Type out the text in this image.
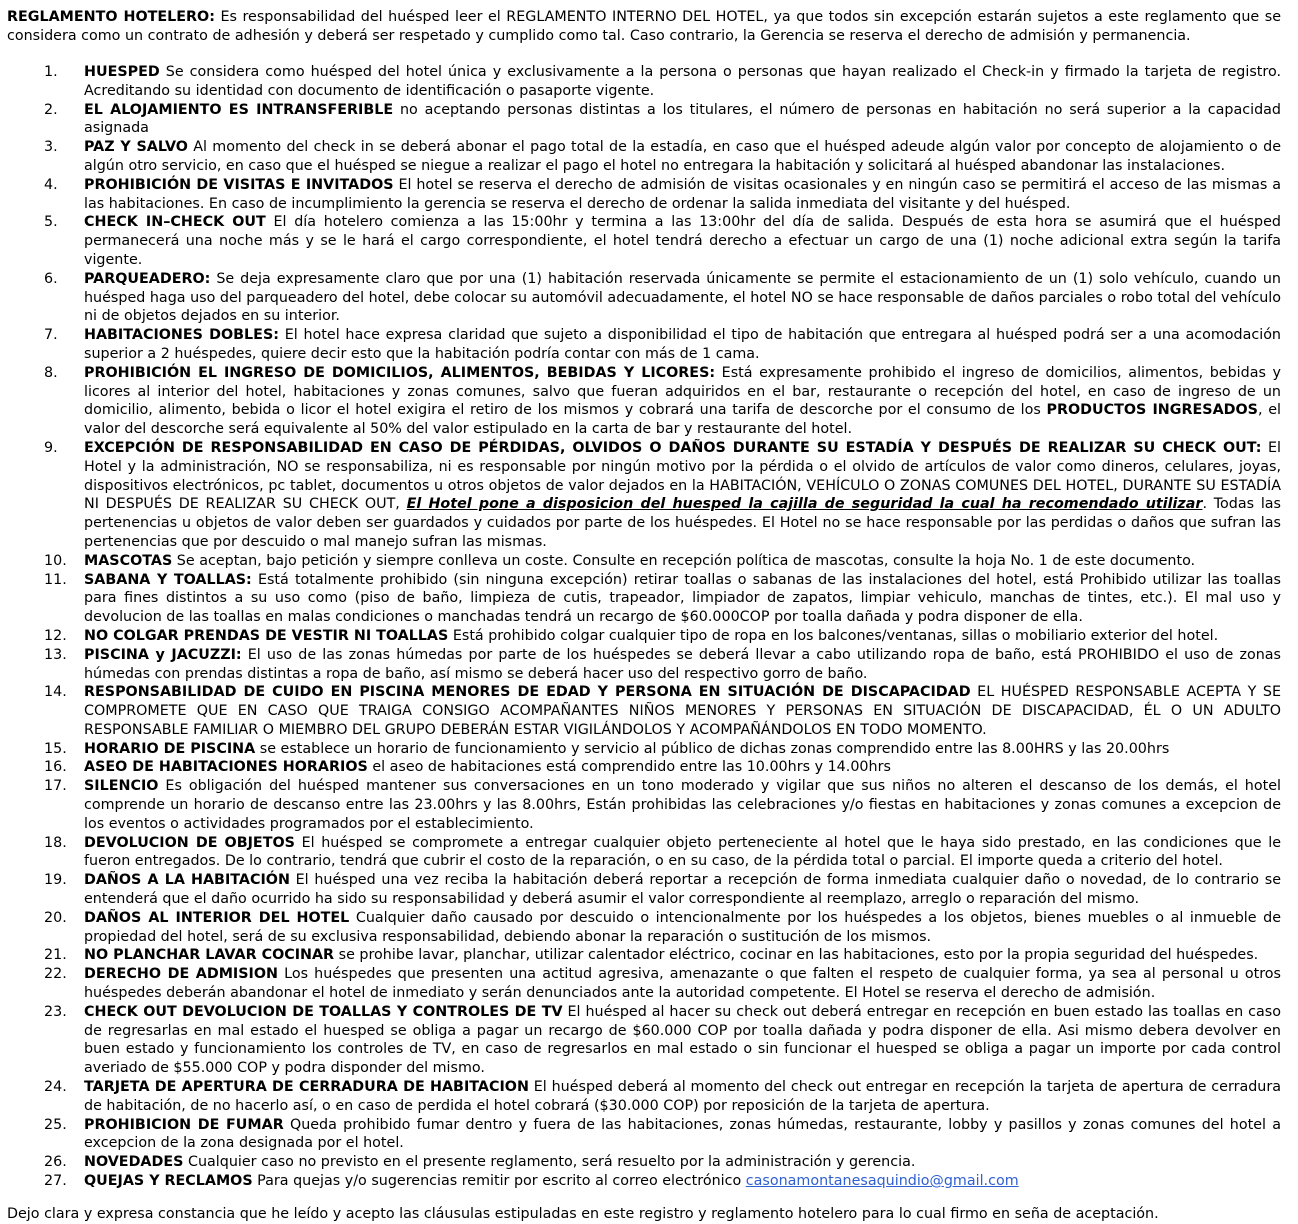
REGLAMENTO HOTELERO: Es responsabilidad del huésped leer el REGLAMENTO INTERNO DEL HOTEL, ya que todos sin excepción estarán sujetos a este reglamento que se considera como un contrato de adhesión y deberá ser respetado y cumplido como tal. Caso contrario, la Gerencia se reserva el derecho de admisión y permanencia.

1.	HUESPED Se considera como huésped del hotel única y exclusivamente a la persona o personas que hayan realizado el Check-in y firmado la tarjeta de registro. Acreditando su identidad con documento de identificación o pasaporte vigente.
2.	EL ALOJAMIENTO ES INTRANSFERIBLE no aceptando personas distintas a los titulares, el número de personas en habitación no será superior a la capacidad asignada
3.	PAZ Y SALVO Al momento del check in se deberá abonar el pago total de la estadía, en caso que el huésped adeude algún valor por concepto de alojamiento o de algún otro servicio, en caso que el huésped se niegue a realizar el pago el hotel no entregara la habitación y solicitará al huésped abandonar las instalaciones.
4.	PROHIBICIÓN DE VISITAS E INVITADOS El hotel se reserva el derecho de admisión de visitas ocasionales y en ningún caso se permitirá el acceso de las mismas a las habitaciones. En caso de incumplimiento la gerencia se reserva el derecho de ordenar la salida inmediata del visitante y del huésped.
5.	CHECK IN–CHECK OUT El día hotelero comienza a las 15:00hr y termina a las 13:00hr del día de salida. Después de esta hora se asumirá que el huésped permanecerá una noche más y se le hará el cargo correspondiente, el hotel tendrá derecho a efectuar un cargo de una (1) noche adicional extra según la tarifa vigente.
6.	PARQUEADERO: Se deja expresamente claro que por una (1) habitación reservada únicamente se permite el estacionamiento de un (1) solo vehículo, cuando un huésped haga uso del parqueadero del hotel, debe colocar su automóvil adecuadamente, el hotel NO se hace responsable de daños parciales o robo total del vehículo ni de objetos dejados en su interior.
7.	HABITACIONES DOBLES: El hotel hace expresa claridad que sujeto a disponibilidad el tipo de habitación que entregara al huésped podrá ser a una acomodación superior a 2 huéspedes, quiere decir esto que la habitación podría contar con más de 1 cama.
8.	PROHIBICIÓN EL INGRESO DE DOMICILIOS, ALIMENTOS, BEBIDAS Y LICORES: Está expresamente prohibido el ingreso de domicilios, alimentos, bebidas y licores al interior del hotel, habitaciones y zonas comunes, salvo que fueran adquiridos en el bar, restaurante o recepción del hotel, en caso de ingreso de un domicilio, alimento, bebida o licor el hotel exigira el retiro de los mismos y cobrará una tarifa de descorche por el consumo de los PRODUCTOS INGRESADOS, el valor del descorche será equivalente al 50% del valor estipulado en la carta de bar y restaurante del hotel.
9.	EXCEPCIÓN DE RESPONSABILIDAD EN CASO DE PÉRDIDAS, OLVIDOS O DAÑOS DURANTE SU ESTADÍA Y DESPUÉS DE REALIZAR SU CHECK OUT: El Hotel y la administración, NO se responsabiliza, ni es responsable por ningún motivo por la pérdida o el olvido de artículos de valor como dineros, celulares, joyas, dispositivos electrónicos, pc tablet, documentos u otros objetos de valor dejados en la HABITACIÓN, VEHÍCULO O ZONAS COMUNES DEL HOTEL, DURANTE SU ESTADÍA NI DESPUÉS DE REALIZAR SU CHECK OUT, El Hotel pone a disposicion del huesped la cajilla de seguridad la cual ha recomendado utilizar. Todas las pertenencias u objetos de valor deben ser guardados y cuidados por parte de los huéspedes. El Hotel no se hace responsable por las perdidas o daños que sufran las pertenencias que por descuido o mal manejo sufran las mismas.
10.	MASCOTAS Se aceptan, bajo petición y siempre conlleva un coste. Consulte en recepción política de mascotas, consulte la hoja No. 1 de este documento.
11.	SABANA Y TOALLAS: Está totalmente prohibido (sin ninguna excepción) retirar toallas o sabanas de las instalaciones del hotel, está Prohibido utilizar las toallas para fines distintos a su uso como (piso de baño, limpieza de cutis, trapeador, limpiador de zapatos, limpiar vehiculo, manchas de tintes, etc.). El mal uso y devolucion de las toallas en malas condiciones o manchadas tendrá un recargo de $60.000COP por toalla dañada y podra disponer de ella.
12.	NO COLGAR PRENDAS DE VESTIR NI TOALLAS Está prohibido colgar cualquier tipo de ropa en los balcones/ventanas, sillas o mobiliario exterior del hotel.
13.	PISCINA y JACUZZI: El uso de las zonas húmedas por parte de los huéspedes se deberá llevar a cabo utilizando ropa de baño, está PROHIBIDO el uso de zonas húmedas con prendas distintas a ropa de baño, así mismo se deberá hacer uso del respectivo gorro de baño.
14.	RESPONSABILIDAD DE CUIDO EN PISCINA MENORES DE EDAD Y PERSONA EN SITUACIÓN DE DISCAPACIDAD EL HUÉSPED RESPONSABLE ACEPTA Y SE COMPROMETE QUE EN CASO QUE TRAIGA CONSIGO ACOMPAÑANTES NIÑOS MENORES Y PERSONAS EN SITUACIÓN DE DISCAPACIDAD, ÉL O UN ADULTO RESPONSABLE FAMILIAR O MIEMBRO DEL GRUPO DEBERÁN ESTAR VIGILÁNDOLOS Y ACOMPAÑÁNDOLOS EN TODO MOMENTO.
15.	HORARIO DE PISCINA se establece un horario de funcionamiento y servicio al público de dichas zonas comprendido entre las 8.00HRS y las 20.00hrs
16.	ASEO DE HABITACIONES HORARIOS el aseo de habitaciones está comprendido entre las 10.00hrs y 14.00hrs
17.	SILENCIO Es obligación del huésped mantener sus conversaciones en un tono moderado y vigilar que sus niños no alteren el descanso de los demás, el hotel comprende un horario de descanso entre las 23.00hrs y las 8.00hrs, Están prohibidas las celebraciones y/o fiestas en habitaciones y zonas comunes a excepcion de los eventos o actividades programados por el establecimiento.
18.	DEVOLUCION DE OBJETOS El huésped se compromete a entregar cualquier objeto perteneciente al hotel que le haya sido prestado, en las condiciones que le fueron entregados. De lo contrario, tendrá que cubrir el costo de la reparación, o en su caso, de la pérdida total o parcial. El importe queda a criterio del hotel.
19.	DAÑOS A LA HABITACIÓN El huésped una vez reciba la habitación deberá reportar a recepción de forma inmediata cualquier daño o novedad, de lo contrario se entenderá que el daño ocurrido ha sido su responsabilidad y deberá asumir el valor correspondiente al reemplazo, arreglo o reparación del mismo.
20.	DAÑOS AL INTERIOR DEL HOTEL Cualquier daño causado por descuido o intencionalmente por los huéspedes a los objetos, bienes muebles o al inmueble de propiedad del hotel, será de su exclusiva responsabilidad, debiendo abonar la reparación o sustitución de los mismos.
21.	NO PLANCHAR LAVAR COCINAR se prohibe lavar, planchar, utilizar calentador eléctrico, cocinar en las habitaciones, esto por la propia seguridad del huéspedes.
22.	DERECHO DE ADMISION Los huéspedes que presenten una actitud agresiva, amenazante o que falten el respeto de cualquier forma, ya sea al personal u otros huéspedes deberán abandonar el hotel de inmediato y serán denunciados ante la autoridad competente. El Hotel se reserva el derecho de admisión.
23.	CHECK OUT DEVOLUCION DE TOALLAS Y CONTROLES DE TV El huésped al hacer su check out deberá entregar en recepción en buen estado las toallas en caso de regresarlas en mal estado el huesped se obliga a pagar un recargo de $60.000 COP por toalla dañada y podra disponer de ella. Asi mismo debera devolver en buen estado y funcionamiento los controles de TV, en caso de regresarlos en mal estado o sin funcionar el huesped se obliga a pagar un importe por cada control averiado de $55.000 COP y podra disponder del mismo.
24.	TARJETA DE APERTURA DE CERRADURA DE HABITACION El huésped deberá al momento del check out entregar en recepción la tarjeta de apertura de cerradura de habitación, de no hacerlo así, o en caso de perdida el hotel cobrará ($30.000 COP) por reposición de la tarjeta de apertura.
25.	PROHIBICION DE FUMAR Queda prohibido fumar dentro y fuera de las habitaciones, zonas húmedas, restaurante, lobby y pasillos y zonas comunes del hotel a excepcion de la zona designada por el hotel.
26.	NOVEDADES Cualquier caso no previsto en el presente reglamento, será resuelto por la administración y gerencia.
27.	QUEJAS Y RECLAMOS Para quejas y/o sugerencias remitir por escrito al correo electrónico casonamontanesaquindio@gmail.com

Dejo clara y expresa constancia que he leído y acepto las cláusulas estipuladas en este registro y reglamento hotelero para lo cual firmo en seña de aceptación.
